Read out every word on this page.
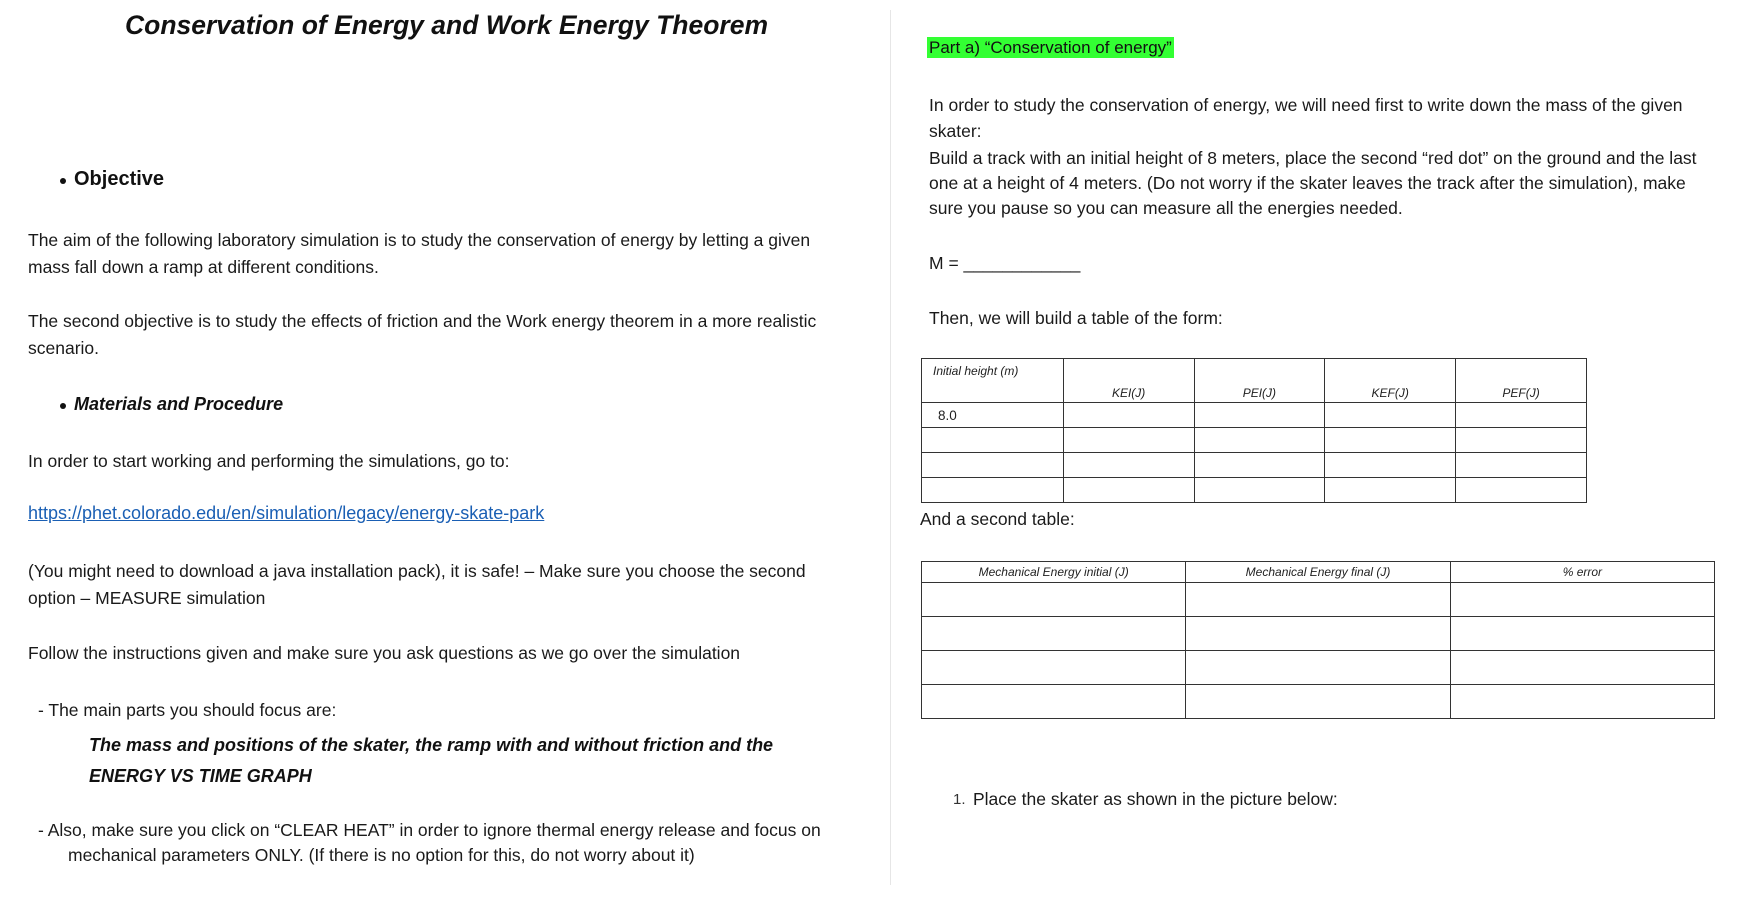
Conservation of Energy and Work Energy Theorem
Objective
The aim of the following laboratory simulation is to study the conservation of energy by letting a given
mass fall down a ramp at different conditions.
The second objective is to study the effects of friction and the Work energy theorem in a more realistic
scenario.
Materials and Procedure
In order to start working and performing the simulations, go to:
https://phet.colorado.edu/en/simulation/legacy/energy-skate-park
(You might need to download a java installation pack), it is safe! – Make sure you choose the second
option – MEASURE simulation
Follow the instructions given and make sure you ask questions as we go over the simulation
- The main parts you should focus are:
The mass and positions of the skater, the ramp with and without friction and the
ENERGY VS TIME GRAPH
- Also, make sure you click on “CLEAR HEAT” in order to ignore thermal energy release and focus on
mechanical parameters ONLY. (If there is no option for this, do not worry about it)
Part a) “Conservation of energy”
In order to study the conservation of energy, we will need first to write down the mass of the given
skater:
Build a track with an initial height of 8 meters, place the second “red dot” on the ground and the last
one at a height of 4 meters. (Do not worry if the skater leaves the track after the simulation), make
sure you pause so you can measure all the energies needed.
M = ____________
Then, we will build a table of the form:
Initial height (m)	KEI(J)	PEI(J)	KEF(J)	PEF(J)
8.0				

And a second table:
Mechanical Energy initial (J)	Mechanical Energy final (J)	% error

1. Place the skater as shown in the picture below:
